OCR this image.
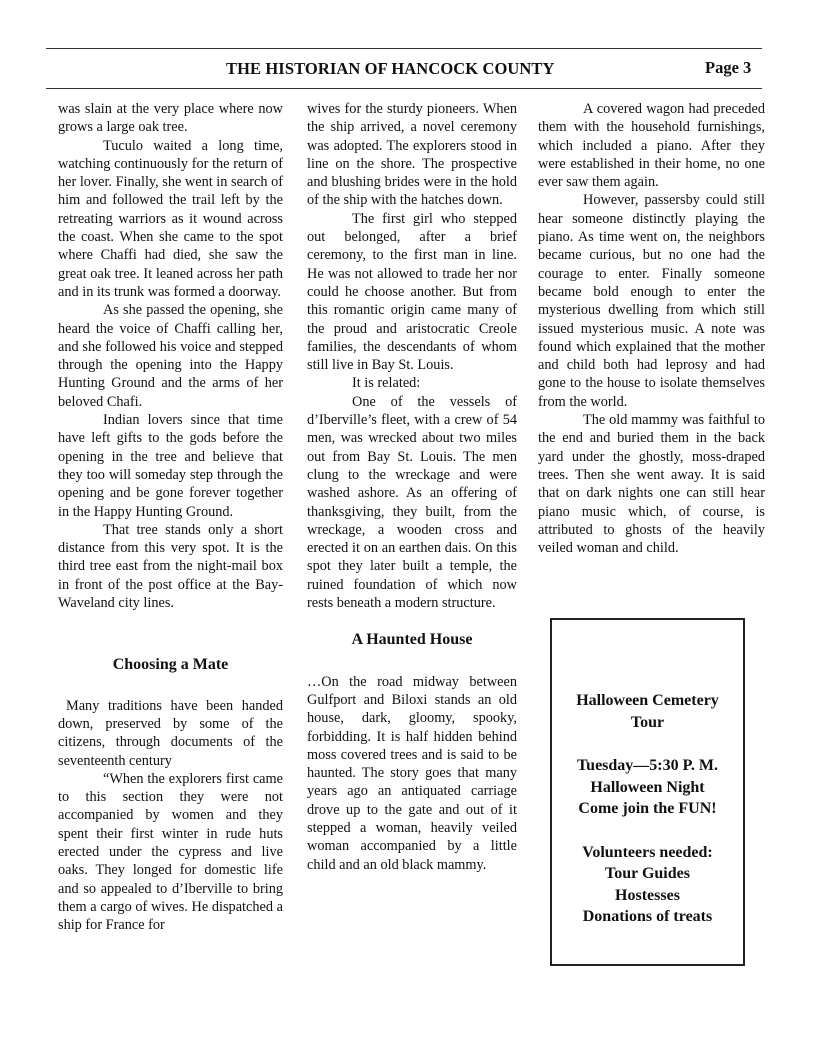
THE HISTORIAN OF HANCOCK COUNTY	Page 3

was slain at the very place where now grows a large oak tree.

Tuculo waited a long time, watching continuously for the return of her lover. Finally, she went in search of him and followed the trail left by the retreating warriors as it wound across the coast. When she came to the spot where Chaffi had died, she saw the great oak tree. It leaned across her path and in its trunk was formed a doorway.

As she passed the opening, she heard the voice of Chaffi calling her, and she followed his voice and stepped through the opening into the Happy Hunting Ground and the arms of her beloved Chafi.

Indian lovers since that time have left gifts to the gods before the opening in the tree and believe that they too will someday step through the opening and be gone forever together in the Happy Hunting Ground.

That tree stands only a short distance from this very spot. It is the third tree east from the night-mail box in front of the post office at the Bay-Waveland city lines.

Choosing a Mate

Many traditions have been handed down, preserved by some of the citizens, through documents of the seventeenth century

“When the explorers first came to this section they were not accompanied by women and they spent their first winter in rude huts erected under the cypress and live oaks. They longed for domestic life and so appealed to d’Iberville to bring them a cargo of wives. He dispatched a ship for France for

wives for the sturdy pioneers. When the ship arrived, a novel ceremony was adopted. The explorers stood in line on the shore. The prospective and blushing brides were in the hold of the ship with the hatches down.

The first girl who stepped out belonged, after a brief ceremony, to the first man in line. He was not allowed to trade her nor could he choose another. But from this romantic origin came many of the proud and aristocratic Creole families, the descendants of whom still live in Bay St. Louis.

It is related:

One of the vessels of d’Iberville’s fleet, with a crew of 54 men, was wrecked about two miles out from Bay St. Louis. The men clung to the wreckage and were washed ashore. As an offering of thanksgiving, they built, from the wreckage, a wooden cross and erected it on an earthen dais. On this spot they later built a temple, the ruined foundation of which now rests beneath a modern structure.

A Haunted House

…On the road midway between Gulfport and Biloxi stands an old house, dark, gloomy, spooky, forbidding. It is half hidden behind moss covered trees and is said to be haunted. The story goes that many years ago an antiquated carriage drove up to the gate and out of it stepped a woman, heavily veiled woman accompanied by a little child and an old black mammy.

A covered wagon had preceded them with the household furnishings, which included a piano. After they were established in their home, no one ever saw them again.

However, passersby could still hear someone distinctly playing the piano. As time went on, the neighbors became curious, but no one had the courage to enter. Finally someone became bold enough to enter the mysterious dwelling from which still issued mysterious music. A note was found which explained that the mother and child both had leprosy and had gone to the house to isolate themselves from the world.

The old mammy was faithful to the end and buried them in the back yard under the ghostly, moss-draped trees. Then she went away. It is said that on dark nights one can still hear piano music which, of course, is attributed to ghosts of the heavily veiled woman and child.

Halloween Cemetery
Tour
Tuesday—5:30 P. M.
Halloween Night
Come join the FUN!
Volunteers needed:
Tour Guides
Hostesses
Donations of treats
